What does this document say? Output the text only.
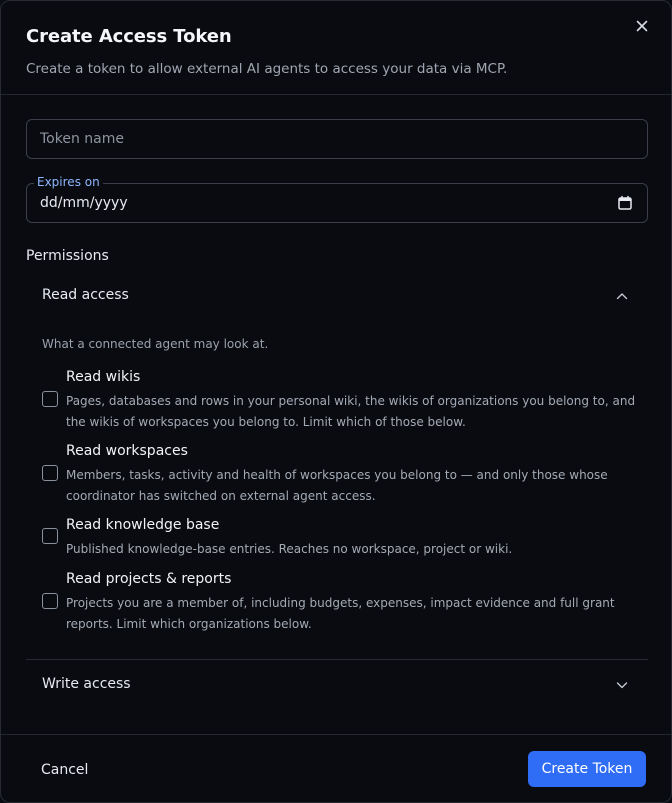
Create Access Token
Create a token to allow external AI agents to access your data via MCP.
Token name
Expires on
dd/mm/yyyy
Permissions
Read access
What a connected agent may look at.
Read wikis
Pages, databases and rows in your personal wiki, the wikis of organizations you belong to, and the wikis of workspaces you belong to. Limit which of those below.
Read workspaces
Members, tasks, activity and health of workspaces you belong to — and only those whose coordinator has switched on external agent access.
Read knowledge base
Published knowledge-base entries. Reaches no workspace, project or wiki.
Read projects & reports
Projects you are a member of, including budgets, expenses, impact evidence and full grant reports. Limit which organizations below.
Write access
Cancel	Create Token
